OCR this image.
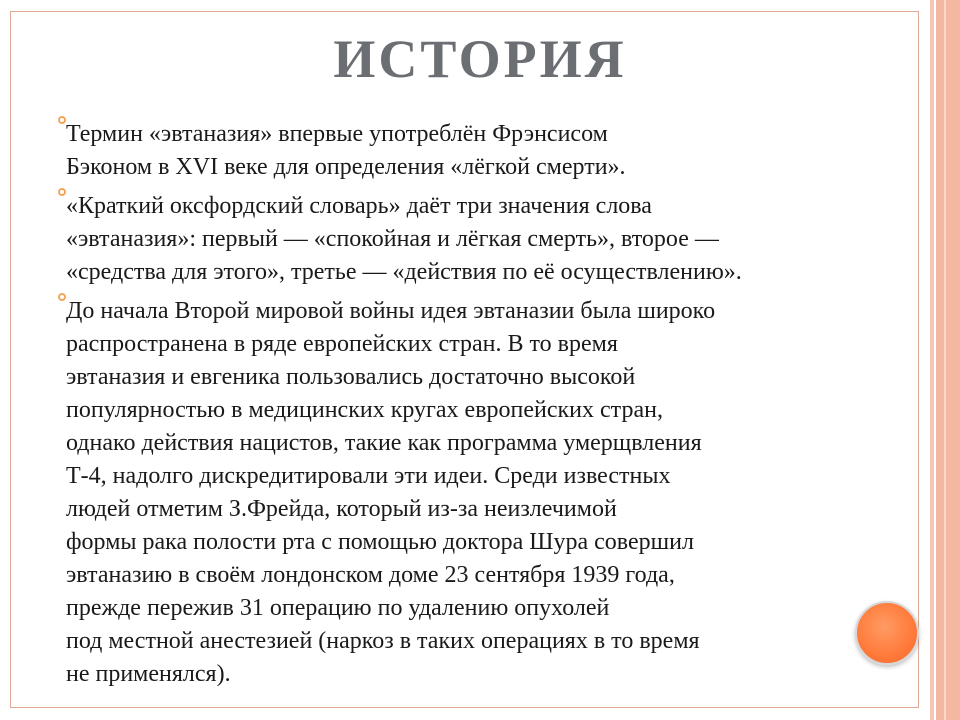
ИСТОРИЯ

Термин «эвтаназия» впервые употреблён Фрэнсисом

Бэконом в XVI веке для определения «лёгкой смерти».

«Краткий оксфордский словарь» даёт три значения слова

«эвтаназия»: первый — «спокойная и лёгкая смерть», второе —

«средства для этого», третье — «действия по её осуществлению».

До начала Второй мировой войны идея эвтаназии была широко

распространена в ряде европейских стран. В то время

эвтаназия и евгеника пользовались достаточно высокой

популярностью в медицинских кругах европейских стран,

однако действия нацистов, такие как программа умерщвления

Т-4, надолго дискредитировали эти идеи. Среди известных

людей отметим З.Фрейда, который из-за неизлечимой

формы рака полости рта с помощью доктора Шура совершил

эвтаназию в своём лондонском доме 23 сентября 1939 года,

прежде пережив 31 операцию по удалению опухолей

под местной анестезией (наркоз в таких операциях в то время

не применялся).
